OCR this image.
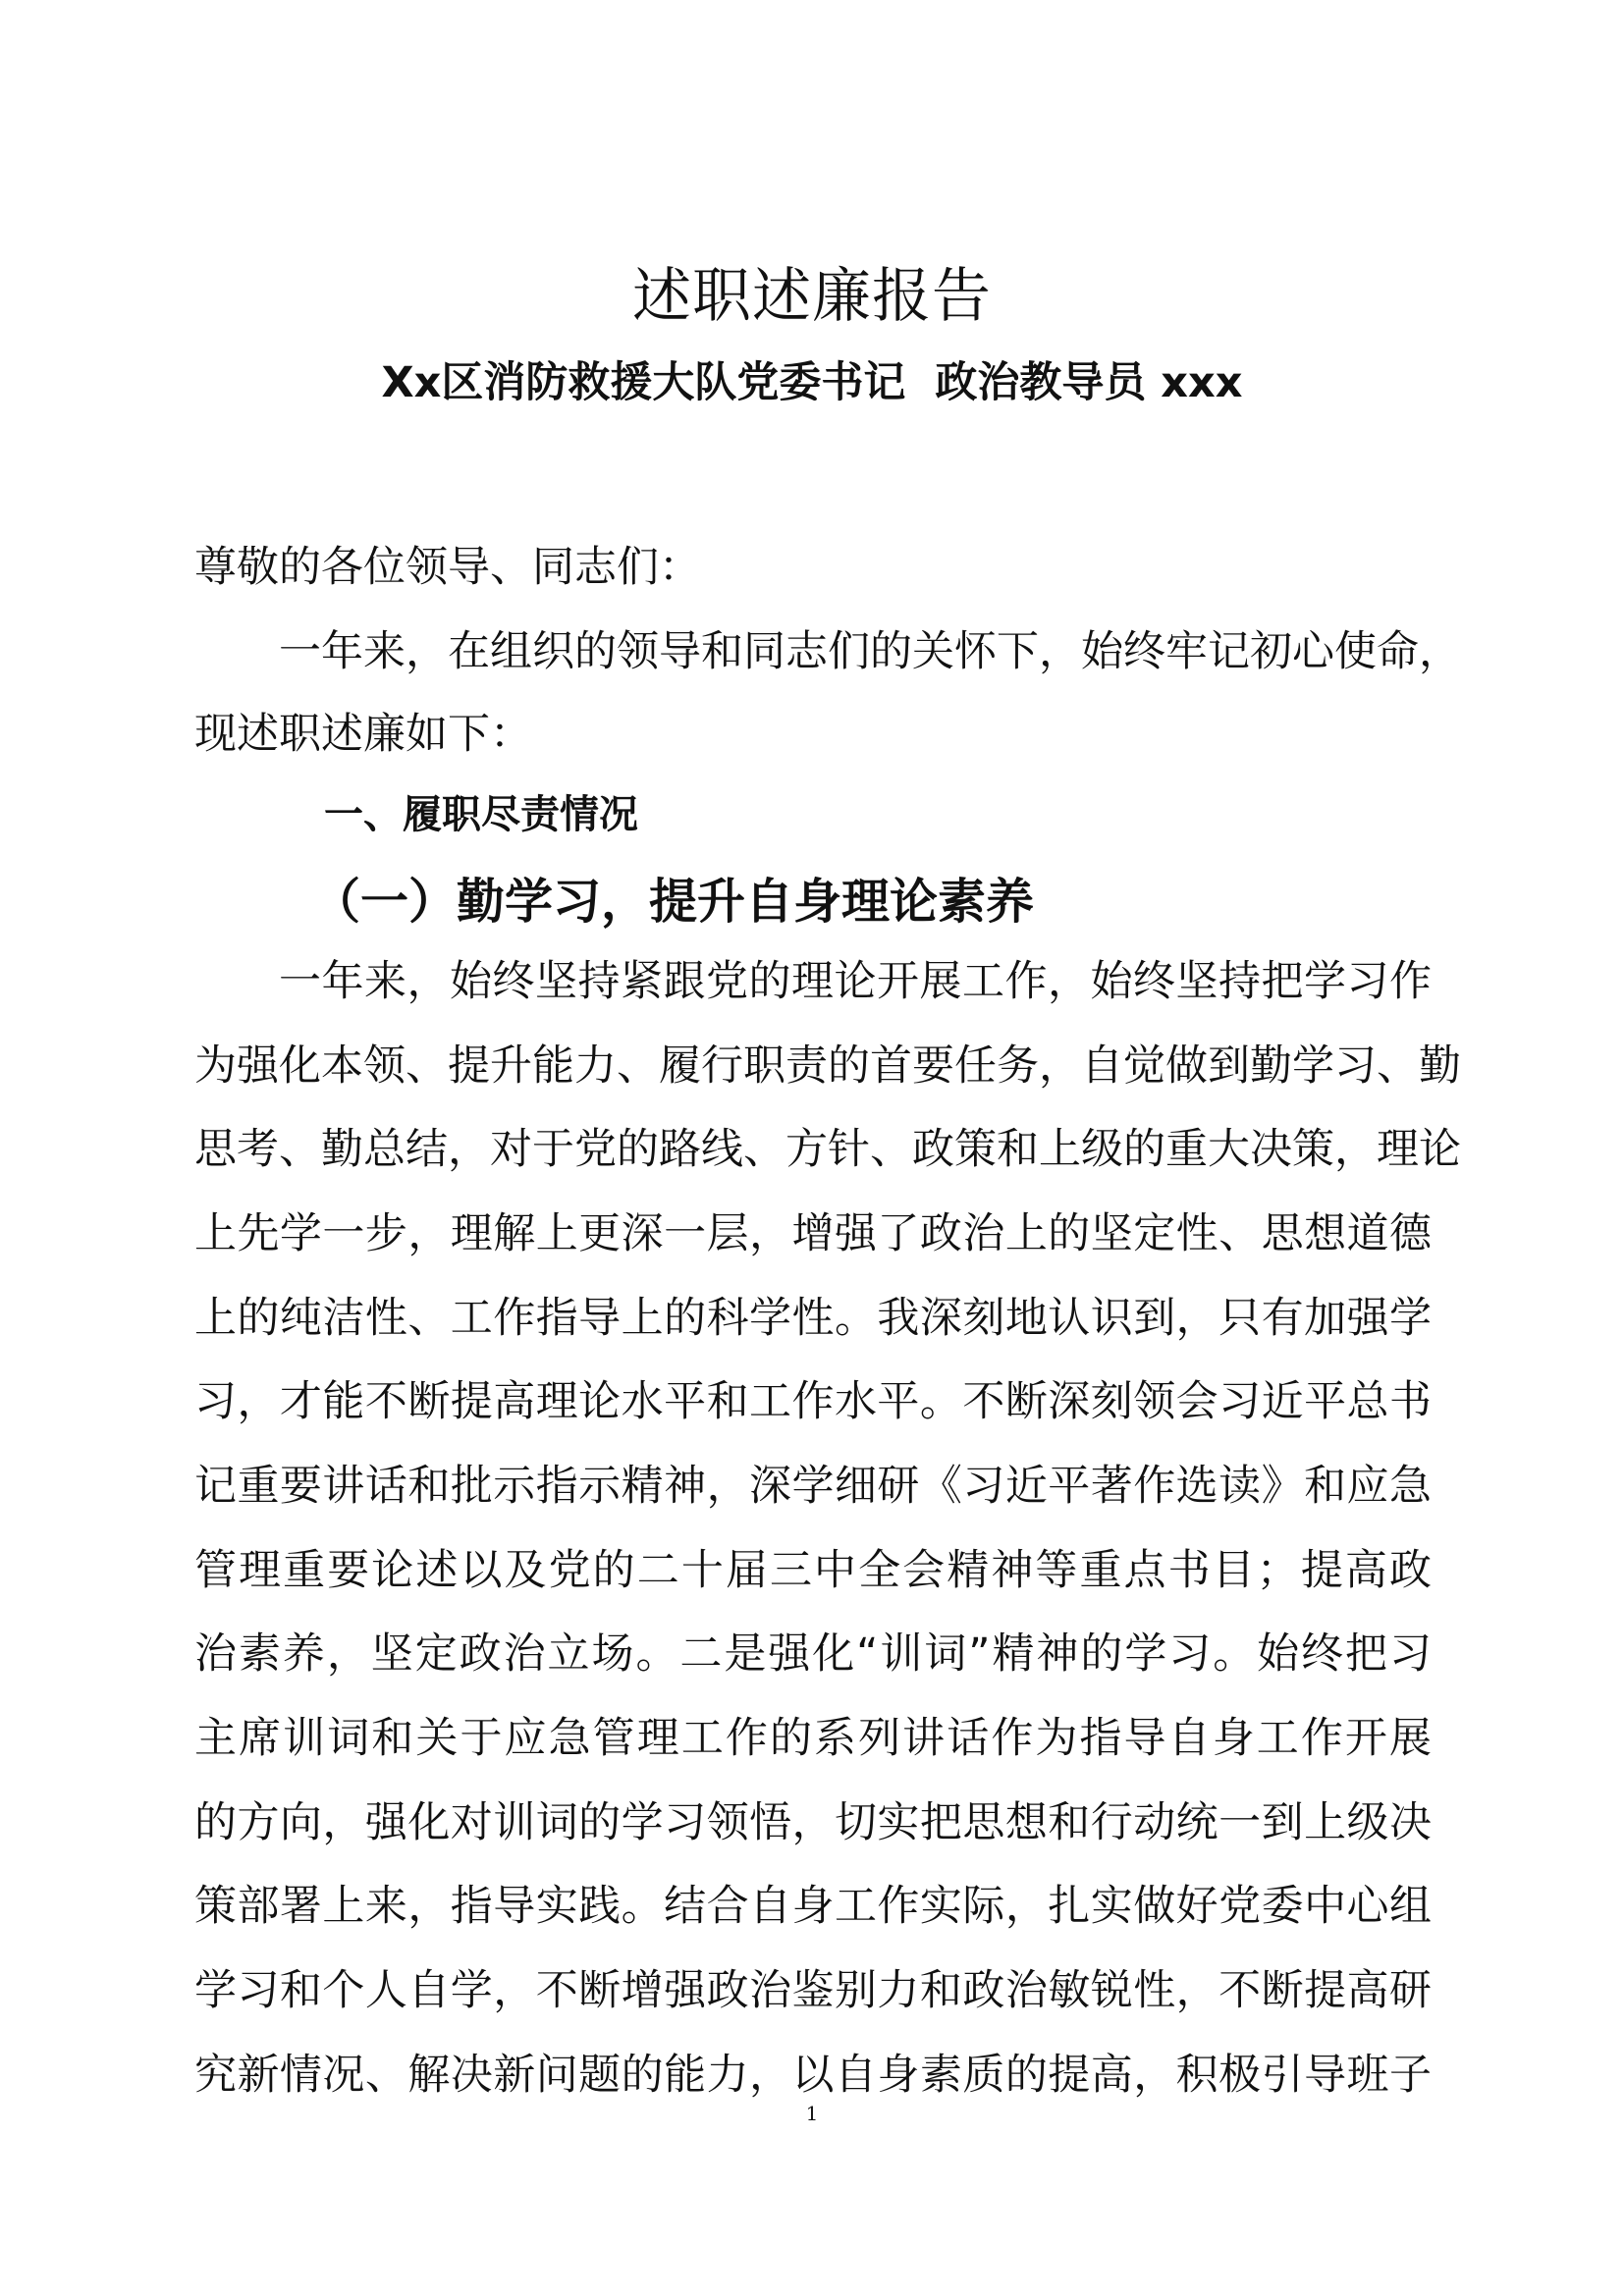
述职述廉报告
Xx区消防救援大队党委书记  政治教导员 xxx
尊敬的各位领导、同志们：
一年来，在组织的领导和同志们的关怀下，始终牢记初心使命，
现述职述廉如下：
一、履职尽责情况
（一）勤学习，提升自身理论素养
一年来，始终坚持紧跟党的理论开展工作，始终坚持把学习作
为强化本领、提升能力、履行职责的首要任务，自觉做到勤学习、勤
思考、勤总结，对于党的路线、方针、政策和上级的重大决策，理论
上先学一步，理解上更深一层，增强了政治上的坚定性、思想道德
上的纯洁性、工作指导上的科学性。我深刻地认识到，只有加强学
习，才能不断提高理论水平和工作水平。不断深刻领会习近平总书
记重要讲话和批示指示精神，深学细研《习近平著作选读》和应急
管理重要论述以及党的二十届三中全会精神等重点书目；提高政
治素养，坚定政治立场。二是强化“训词”精神的学习。始终把习
主席训词和关于应急管理工作的系列讲话作为指导自身工作开展
的方向，强化对训词的学习领悟，切实把思想和行动统一到上级决
策部署上来，指导实践。结合自身工作实际，扎实做好党委中心组
学习和个人自学，不断增强政治鉴别力和政治敏锐性，不断提高研
究新情况、解决新问题的能力，以自身素质的提高，积极引导班子
1
